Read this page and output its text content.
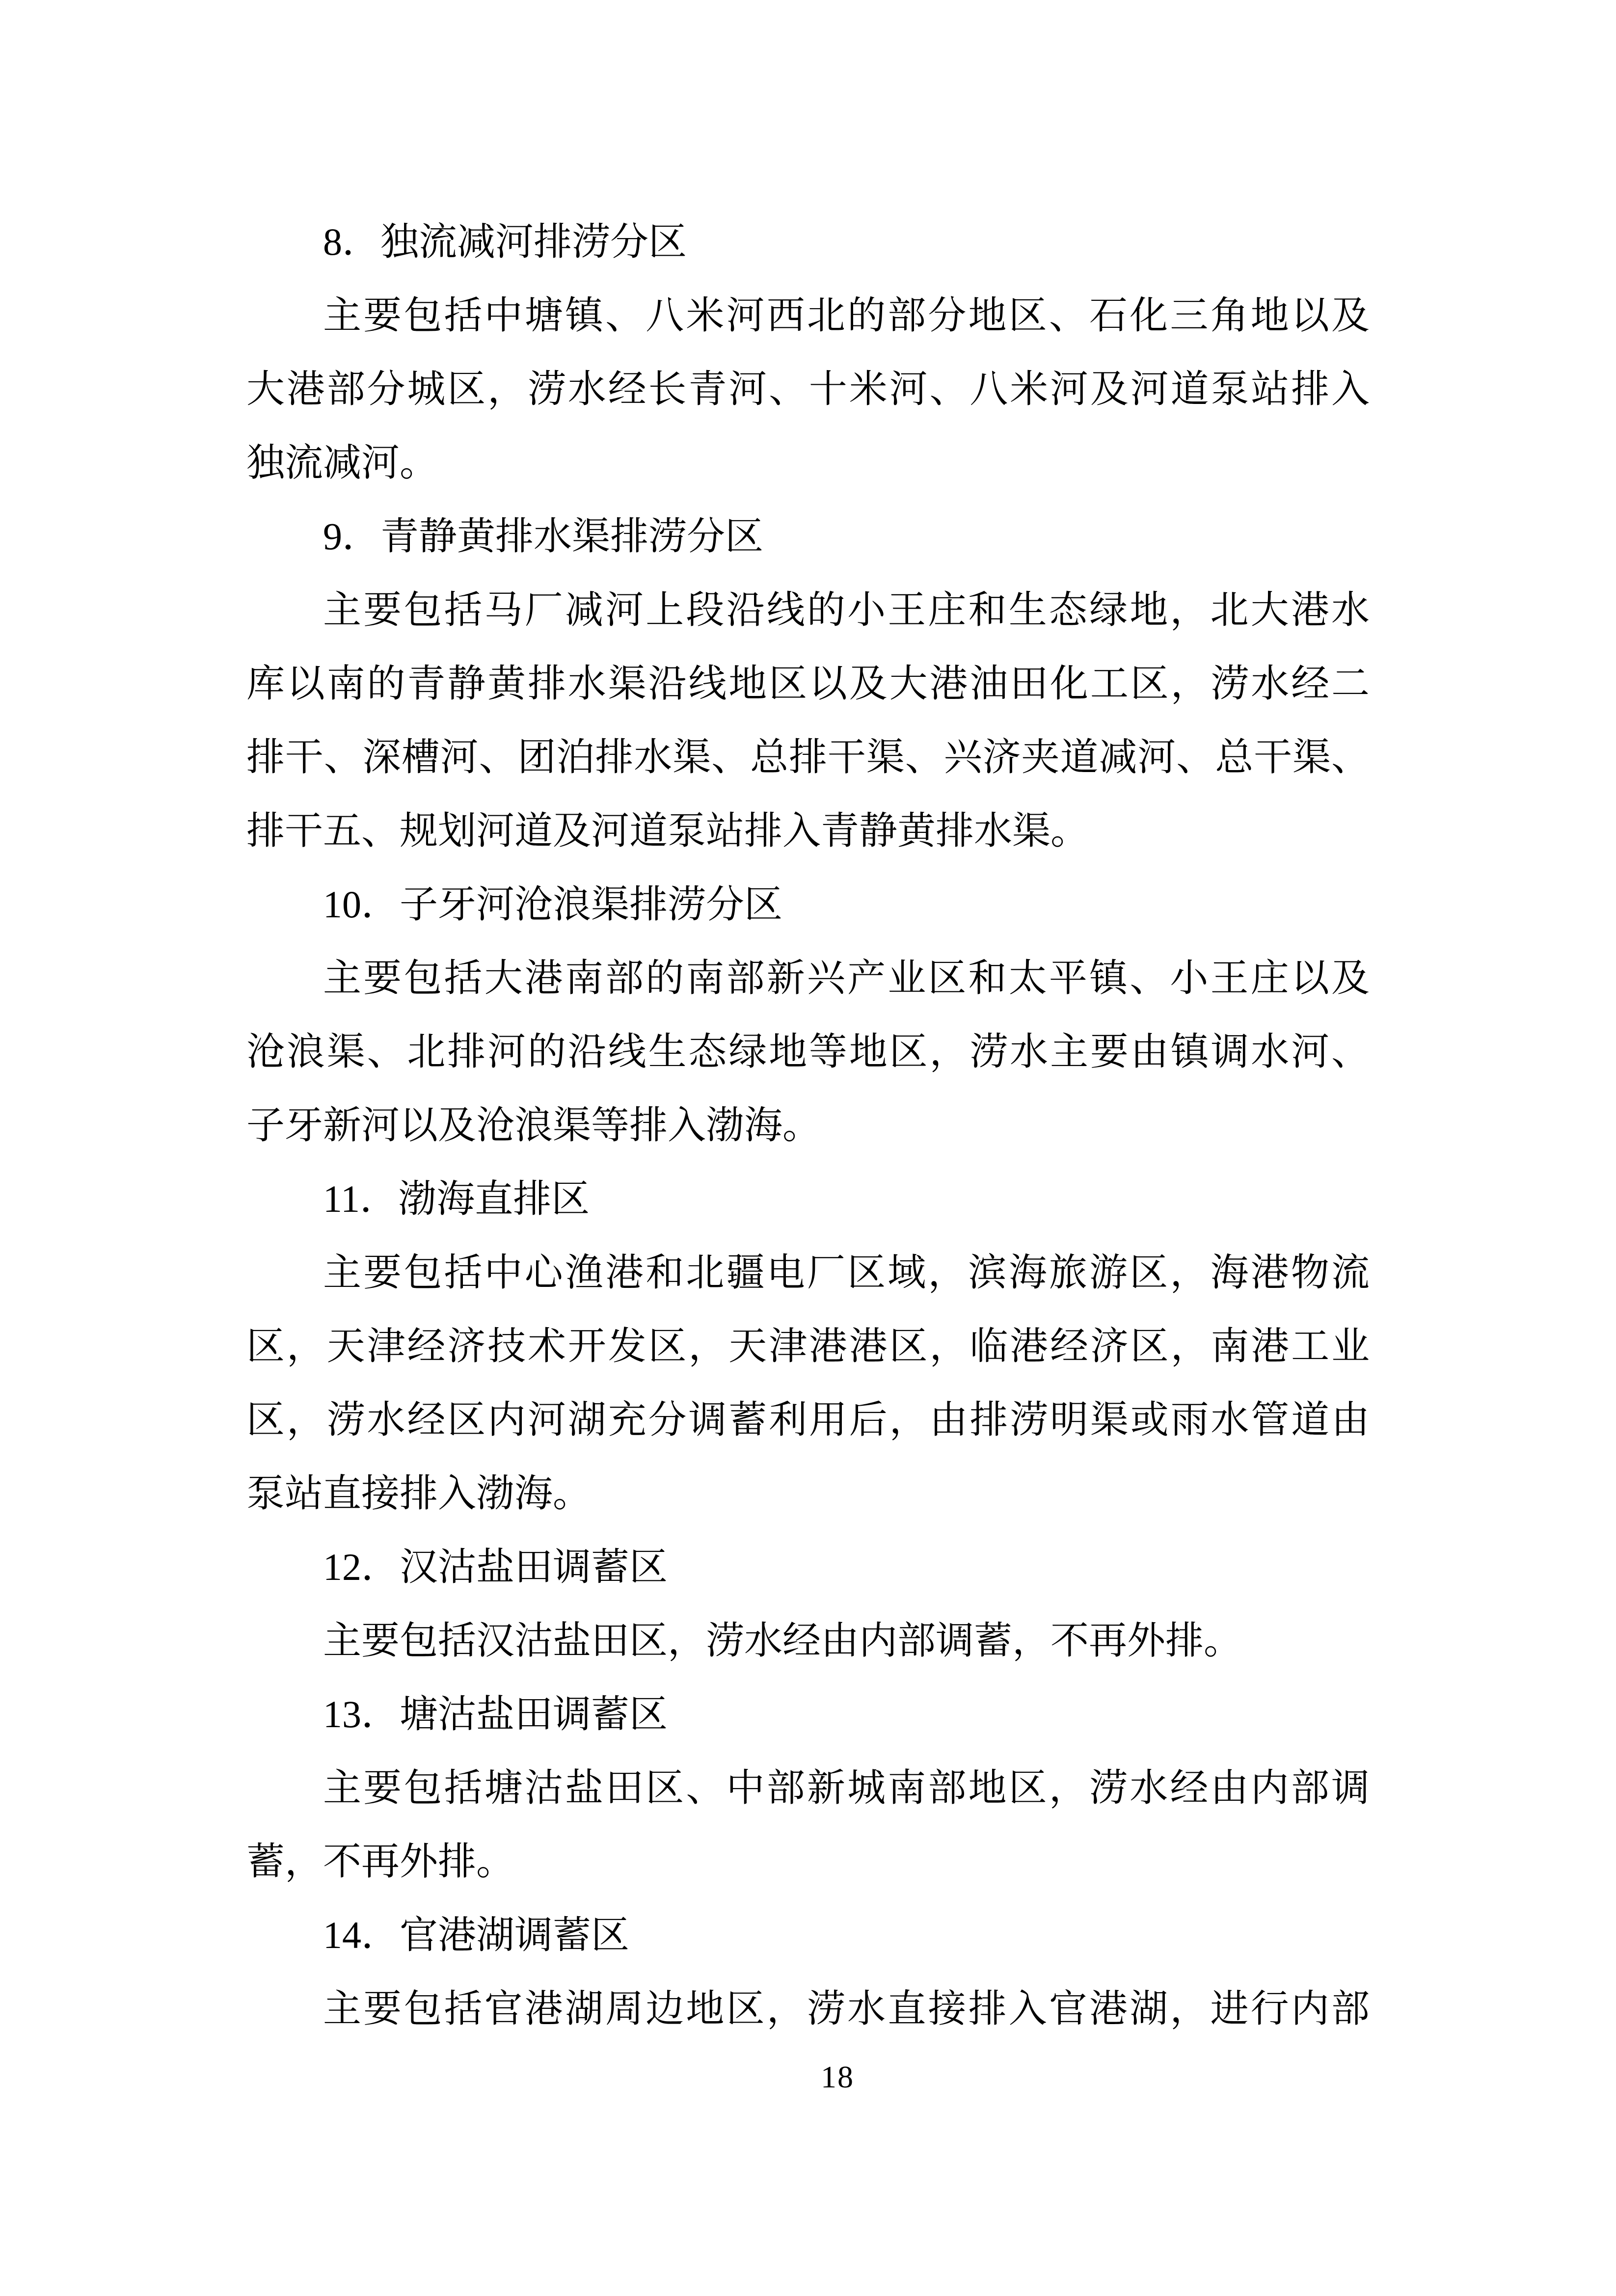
8．独流减河排涝分区
主要包括中塘镇、八米河西北的部分地区、石化三角地以及
大港部分城区，涝水经长青河、十米河、八米河及河道泵站排入
独流减河。
9．青静黄排水渠排涝分区
主要包括马厂减河上段沿线的小王庄和生态绿地，北大港水
库以南的青静黄排水渠沿线地区以及大港油田化工区，涝水经二
排干、深槽河、团泊排水渠、总排干渠、兴济夹道减河、总干渠、
排干五、规划河道及河道泵站排入青静黄排水渠。
10．子牙河沧浪渠排涝分区
主要包括大港南部的南部新兴产业区和太平镇、小王庄以及
沧浪渠、北排河的沿线生态绿地等地区，涝水主要由镇调水河、
子牙新河以及沧浪渠等排入渤海。
11．渤海直排区
主要包括中心渔港和北疆电厂区域，滨海旅游区，海港物流
区，天津经济技术开发区，天津港港区，临港经济区，南港工业
区，涝水经区内河湖充分调蓄利用后，由排涝明渠或雨水管道由
泵站直接排入渤海。
12．汉沽盐田调蓄区
主要包括汉沽盐田区，涝水经由内部调蓄，不再外排。
13．塘沽盐田调蓄区
主要包括塘沽盐田区、中部新城南部地区，涝水经由内部调
蓄，不再外排。
14．官港湖调蓄区
主要包括官港湖周边地区，涝水直接排入官港湖，进行内部
18
